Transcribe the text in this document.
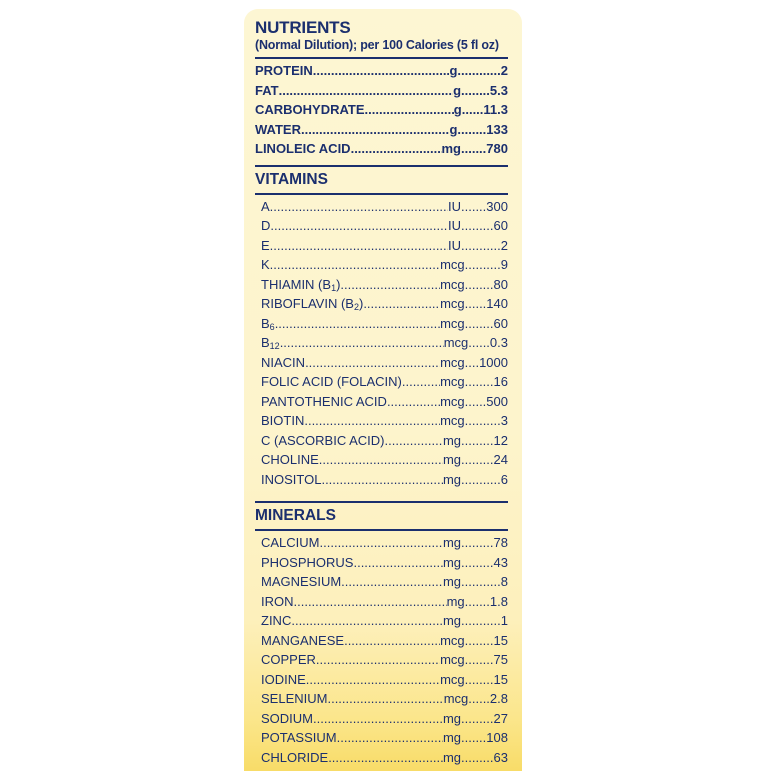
NUTRIENTS
(Normal Dilution); per 100 Calories (5 fl oz)
PROTEIN .....	g ............ 2
FAT .....	g ........ 5.3
CARBOHYDRATE .....	g ...... 11.3
WATER .....	g ........ 133
LINOLEIC ACID .....	mg ....... 780
VITAMINS
A .....	IU ....... 300
D .....	IU ......... 60
E .....	IU ........... 2
K .....	mcg .......... 9
THIAMIN $(B_1)$ .....	mcg ........ 80
RIBOFLAVIN $(B_2)$ .....	mcg ...... 140
$B_6$ .....	mcg ........ 60
$B_{12}$ .....	mcg ...... 0.3
NIACIN .....	mcg .... 1000
FOLIC ACID (FOLACIN) .....	mcg ........ 16
PANTOTHENIC ACID .....	mcg ...... 500
BIOTIN .....	mcg .......... 3
C (ASCORBIC ACID) .....	mg ......... 12
CHOLINE .....	mg ......... 24
INOSITOL .....	mg ........... 6
MINERALS
CALCIUM .....	mg ......... 78
PHOSPHORUS .....	mg ......... 43
MAGNESIUM .....	mg ........... 8
IRON .....	mg ....... 1.8
ZINC .....	mg ........... 1
MANGANESE .....	mcg ........ 15
COPPER .....	mcg ........ 75
IODINE .....	mcg ........ 15
SELENIUM .....	mcg ...... 2.8
SODIUM .....	mg ......... 27
POTASSIUM .....	mg ....... 108
CHLORIDE .....	mg ......... 63
